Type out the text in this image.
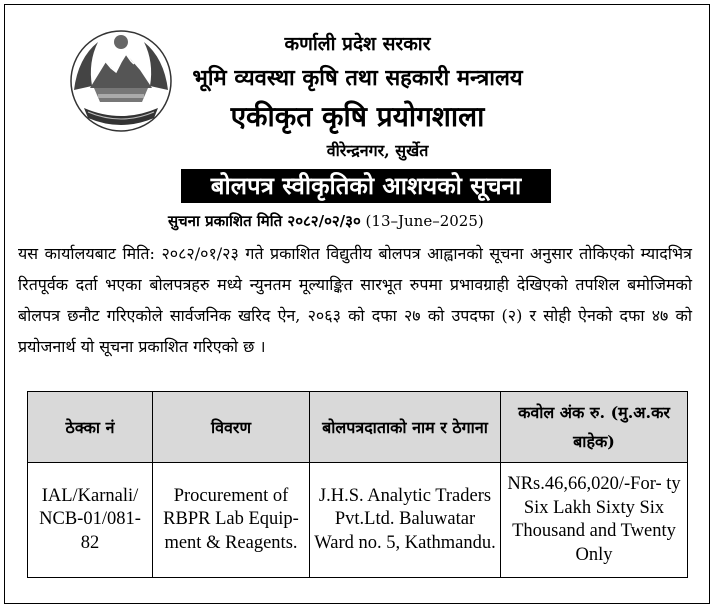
कर्णाली प्रदेश सरकार
भूमि व्यवस्था कृषि तथा सहकारी मन्त्रालय
एकीकृत कृषि प्रयोगशाला
वीरेन्द्रनगर, सुर्खेत
बोलपत्र स्वीकृतिको आशयको सूचना
सुचना प्रकाशित मिति २०८२/०२/३० (13–June–2025)
यस कार्यालयबाट मिति: २०८२/०१/२३ गते प्रकाशित विद्युतीय बोलपत्र आह्वानको सूचना अनुसार तोकिएको म्यादभित्र रितपूर्वक दर्ता भएका बोलपत्रहरु मध्ये न्युनतम मूल्याङ्कित सारभूत रुपमा प्रभावग्राही देखिएको तपशिल बमोजिमको बोलपत्र छनौट गरिएकोले सार्वजनिक खरिद ऐन, २०६३ को दफा २७ को उपदफा (२) र सोही ऐनको दफा ४७ को प्रयोजनार्थ यो सूचना प्रकाशित गरिएको छ ।
ठेक्का नं	विवरण	बोलपत्रदाताको नाम र ठेगाना	कवोल अंक रु. (मु.अ.कर बाहेक)
IAL/Karnali/ NCB-01/081-82	Procurement of RBPR Lab Equip- ment & Reagents.	J.H.S. Analytic Traders Pvt.Ltd. Baluwatar Ward no. 5, Kathmandu.	NRs.46,66,020/-For- ty Six Lakh Sixty Six Thousand and Twenty Only
